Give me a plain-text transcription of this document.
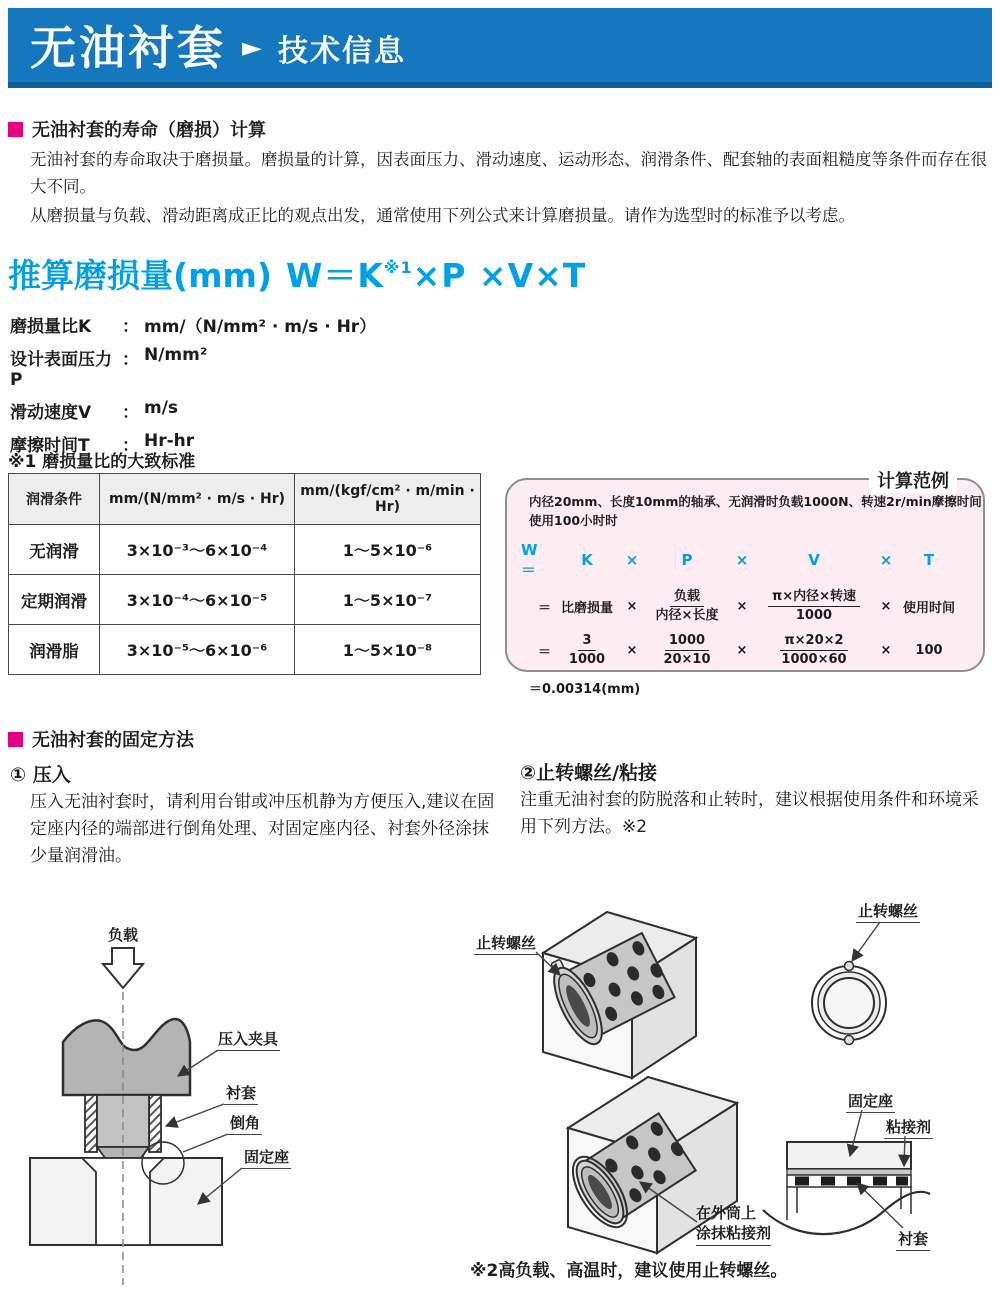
无油衬套 ► 技术信息
无油衬套的寿命（磨损）计算

无油衬套的寿命取决于磨损量。磨损量的计算，因表面压力、滑动速度、运动形态、润滑条件、配套轴的表面粗糙度等条件而存在很大不同。

从磨损量与负载、滑动距离成正比的观点出发，通常使用下列公式来计算磨损量。请作为选型时的标准予以考虑。

推算磨损量(mm) $W=K^{※1}\times P \times V\times T$
磨损量比K	： mm/（N/mm² · m/s · Hr）
设计表面压力P
： N/mm²
滑动速度V	： m/s
摩擦时间T	： Hr-hr
※1 磨损量比的大致标准
润滑条件	mm/(N/mm² · m/s · Hr)	mm/(kgf/cm² · m/min · Hr)
无润滑	3×10⁻³～6×10⁻⁴	1～5×10⁻⁶
定期润滑	3×10⁻⁴～6×10⁻⁵	1～5×10⁻⁷
润滑脂	3×10⁻⁵～6×10⁻⁶	1～5×10⁻⁸
计算范例
内径20mm、长度10mm的轴承、无润滑时负载1000N、转速2r/min摩擦时间
使用100小时时
W＝
K ×	P	×	V	× T
＝ 比磨损量 × $\frac{\text{负载}}{\text{内径×长度}} \times \frac{\text{π×内径×转速}}{1000}$ × 使用时间
＝ $\frac{3}{1000} \times \frac{1000}{20\times 10} \times \frac{\pi\times 20\times 2}{1000\times 60} \times 100$
＝0.00314(mm)
无油衬套的固定方法
① 压入
压入无油衬套时，请利用台钳或冲压机静为方便压入,建议在固定座内径的端部进行倒角处理、对固定座内径、衬套外径涂抹少量润滑油。
②止转螺丝/粘接
注重无油衬套的防脱落和止转时，建议根据使用条件和环境采用下列方法。※2
负载
压入夹具
衬套
倒角
固定座
止转螺丝
止转螺丝
在外筒上
涂抹粘接剂
固定座
粘接剂
衬套
※2高负载、高温时，建议使用止转螺丝。
